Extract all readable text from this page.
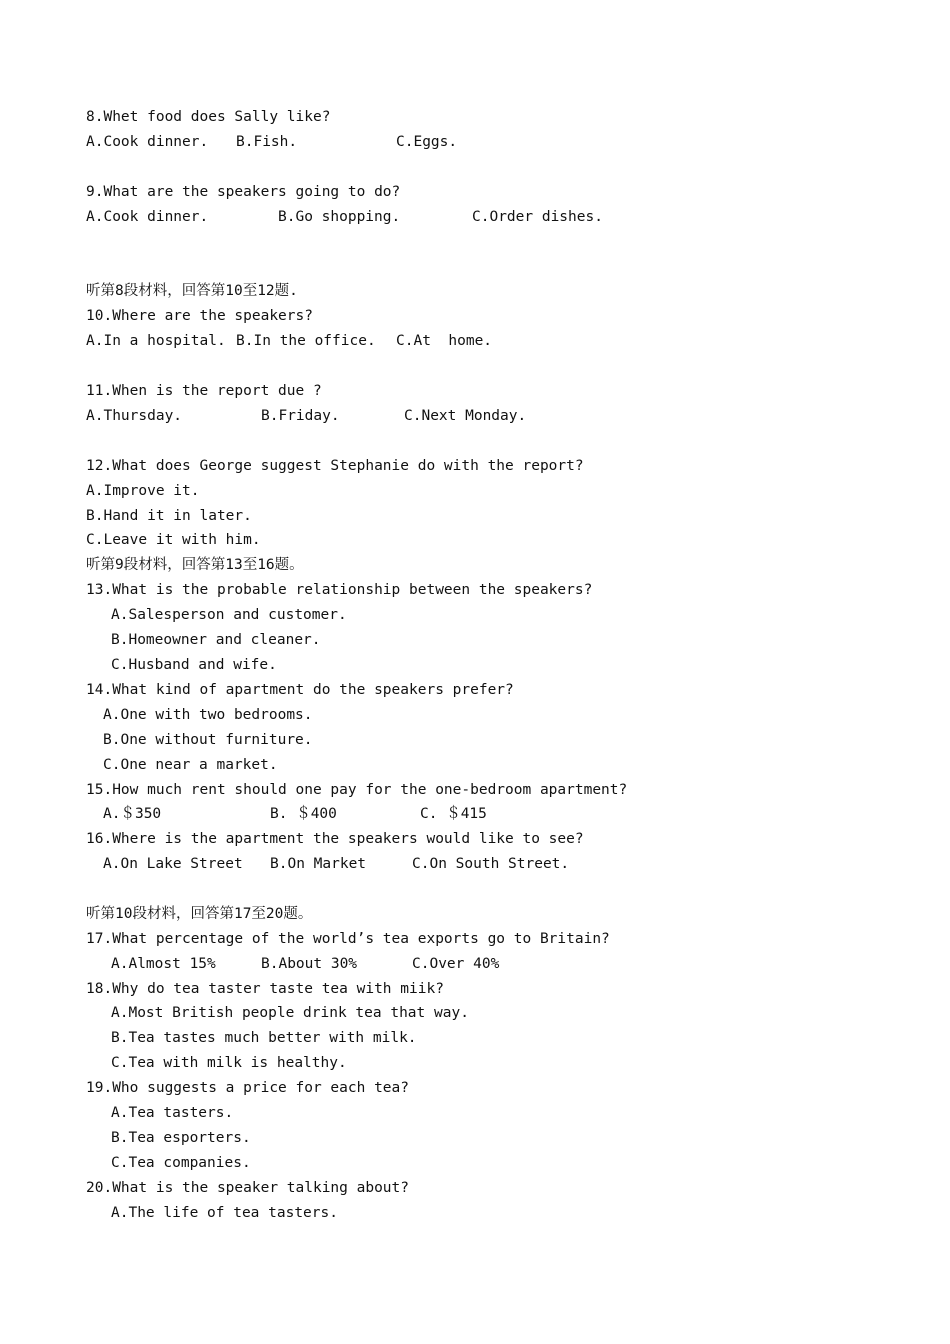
8.Whet food does Sally like?
A.Cook dinner. B.Fish.	C.Eggs.
9.What are the speakers going to do?
A.Cook dinner.	B.Go shopping.	C.Order dishes.
听第8段材料，回答第10至12题.
10.Where are the speakers?
A.In a hospital. B.In the office. C.At  home.
11.When is the report due ?
A.Thursday.	B.Friday.	C.Next Monday.
12.What does George suggest Stephanie do with the report?
A.Improve it.
B.Hand it in later.
C.Leave it with him.
听第9段材料，回答第13至16题。
13.What is the probable relationship between the speakers?
A.Salesperson and customer.
B.Homeowner and cleaner.
C.Husband and wife.
14.What kind of apartment do the speakers prefer?
A.One with two bedrooms.
B.One without furniture.
C.One near a market.
15.How much rent should one pay for the one-bedroom apartment?
A.＄350	B. ＄400	C. ＄415
16.Where is the apartment the speakers would like to see?
A.On Lake Street B.On Market	C.On South Street.
听第10段材料，回答第17至20题。
17.What percentage of the world’s tea exports go to Britain?
A.Almost 15%	B.About 30%	C.Over 40%
18.Why do tea taster taste tea with miik?
A.Most British people drink tea that way.
B.Tea tastes much better with milk.
C.Tea with milk is healthy.
19.Who suggests a price for each tea?
A.Tea tasters.
B.Tea esporters.
C.Tea companies.
20.What is the speaker talking about?
A.The life of tea tasters.
